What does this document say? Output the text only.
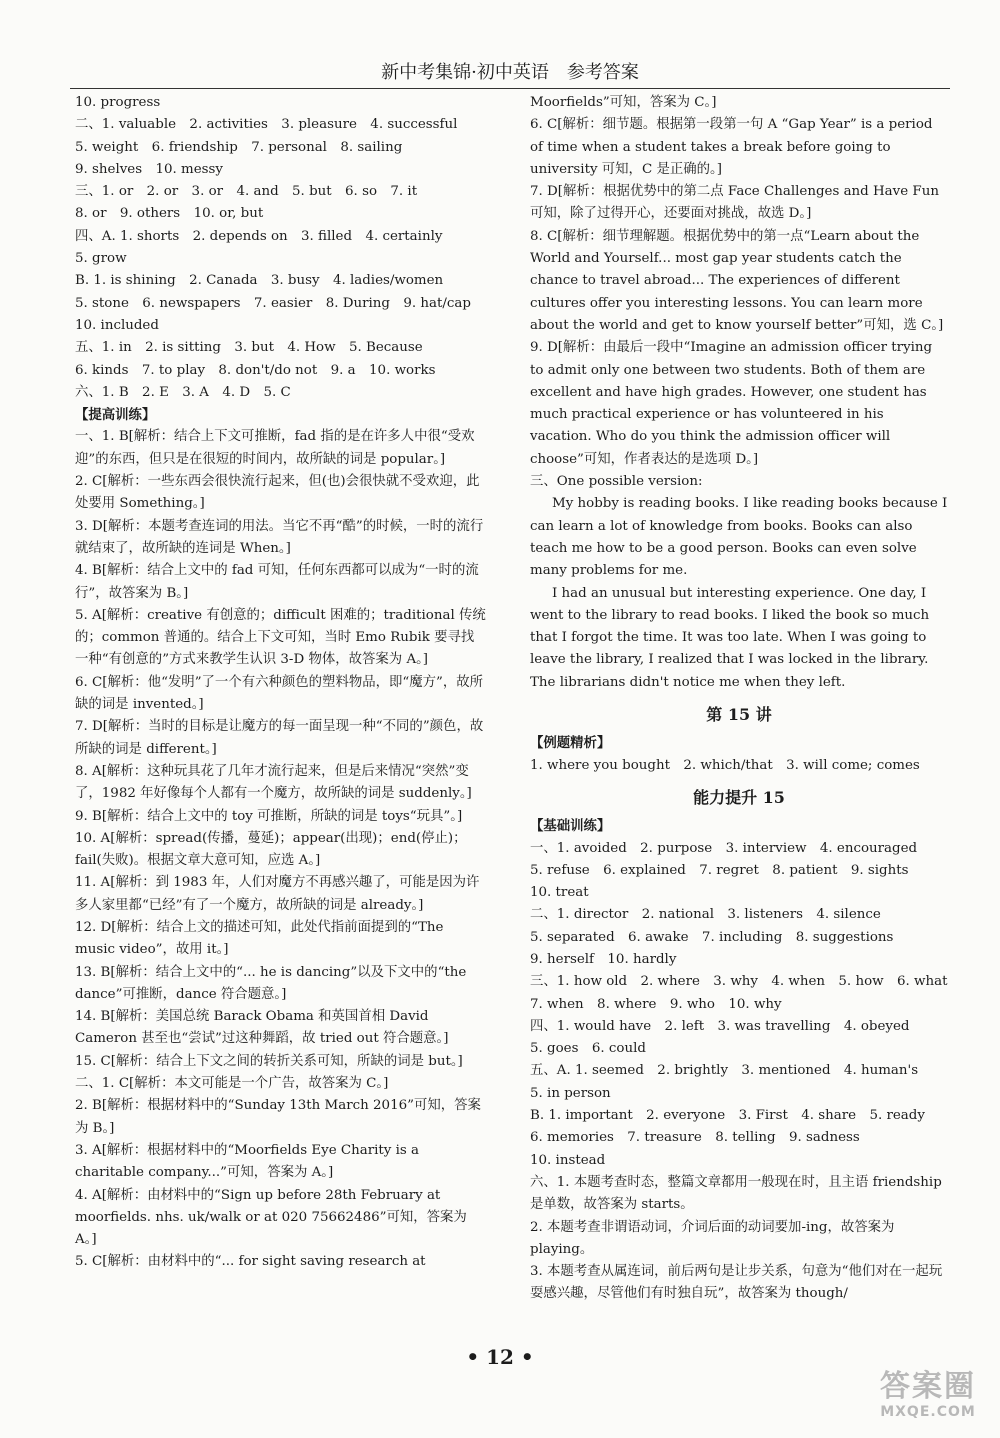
新中考集锦·初中英语　参考答案

10. progress

二、1. valuable　2. activities　3. pleasure　4. successful

5. weight　6. friendship　7. personal　8. sailing

9. shelves　10. messy

三、1. or　2. or　3. or　4. and　5. but　6. so　7. it

8. or　9. others　10. or, but

四、A. 1. shorts　2. depends on　3. filled　4. certainly

5. grow

B. 1. is shining　2. Canada　3. busy　4. ladies/women

5. stone　6. newspapers　7. easier　8. During　9. hat/cap　10. included

五、1. in　2. is sitting　3. but　4. How　5. Because

6. kinds　7. to play　8. don't/do not　9. a　10. works

六、1. B　2. E　3. A　4. D　5. C

【提高训练】

一、1. B[解析：结合上下文可推断，fad 指的是在许多人中很“受欢迎”的东西，但只是在很短的时间内，故所缺的词是 popular。]

2. C[解析：一些东西会很快流行起来，但(也)会很快就不受欢迎，此处要用 Something。]

3. D[解析：本题考查连词的用法。当它不再“酷”的时候，一时的流行就结束了，故所缺的连词是 When。]

4. B[解析：结合上文中的 fad 可知，任何东西都可以成为“一时的流行”，故答案为 B。]

5. A[解析：creative 有创意的；difficult 困难的；traditional 传统的；common 普通的。结合上下文可知，当时 Emo Rubik 要寻找一种“有创意的”方式来教学生认识 3-D 物体，故答案为 A。]

6. C[解析：他“发明”了一个有六种颜色的塑料物品，即“魔方”，故所缺的词是 invented。]

7. D[解析：当时的目标是让魔方的每一面呈现一种“不同的”颜色，故所缺的词是 different。]

8. A[解析：这种玩具花了几年才流行起来，但是后来情况“突然”变了，1982 年好像每个人都有一个魔方，故所缺的词是 suddenly。]

9. B[解析：结合上文中的 toy 可推断，所缺的词是 toys“玩具”。]

10. A[解析：spread(传播，蔓延)；appear(出现)；end(停止)；fail(失败)。根据文章大意可知，应选 A。]

11. A[解析：到 1983 年，人们对魔方不再感兴趣了，可能是因为许多人家里都“已经”有了一个魔方，故所缺的词是 already。]

12. D[解析：结合上文的描述可知，此处代指前面提到的“The music video”，故用 it。]

13. B[解析：结合上文中的“... he is dancing”以及下文中的“the dance”可推断，dance 符合题意。]

14. B[解析：美国总统 Barack Obama 和英国首相 David Cameron 甚至也“尝试”过这种舞蹈，故 tried out 符合题意。]

15. C[解析：结合上下文之间的转折关系可知，所缺的词是 but。]

二、1. C[解析：本文可能是一个广告，故答案为 C。]

2. B[解析：根据材料中的“Sunday 13th March 2016”可知，答案为 B。]

3. A[解析：根据材料中的“Moorfields Eye Charity is a charitable company...”可知，答案为 A。]

4. A[解析：由材料中的“Sign up before 28th February at moorfields. nhs. uk/walk or at 020 75662486”可知，答案为 A。]

5. C[解析：由材料中的“... for sight saving research at

Moorfields”可知，答案为 C。]

6. C[解析：细节题。根据第一段第一句 A “Gap Year” is a period of time when a student takes a break before going to university 可知，C 是正确的。]

7. D[解析：根据优势中的第二点 Face Challenges and Have Fun 可知，除了过得开心，还要面对挑战，故选 D。]

8. C[解析：细节理解题。根据优势中的第一点“Learn about the World and Yourself... most gap year students catch the chance to travel abroad... The experiences of different cultures offer you interesting lessons. You can learn more about the world and get to know yourself better”可知，选 C。]

9. D[解析：由最后一段中“Imagine an admission officer trying to admit only one between two students. Both of them are excellent and have high grades. However, one student has much practical experience or has volunteered in his vacation. Who do you think the admission officer will choose”可知，作者表达的是选项 D。]

三、One possible version:

My hobby is reading books. I like reading books because I can learn a lot of knowledge from books. Books can also teach me how to be a good person. Books can even solve many problems for me.

I had an unusual but interesting experience. One day, I went to the library to read books. I liked the book so much that I forgot the time. It was too late. When I was going to leave the library, I realized that I was locked in the library. The librarians didn't notice me when they left.

第 15 讲

【例题精析】

1. where you bought　2. which/that　3. will come; comes

能力提升 15

【基础训练】

一、1. avoided　2. purpose　3. interview　4. encouraged

5. refuse　6. explained　7. regret　8. patient　9. sights

10. treat

二、1. director　2. national　3. listeners　4. silence

5. separated　6. awake　7. including　8. suggestions

9. herself　10. hardly

三、1. how old　2. where　3. why　4. when　5. how　6. what

7. when　8. where　9. who　10. why

四、1. would have　2. left　3. was travelling　4. obeyed

5. goes　6. could

五、A. 1. seemed　2. brightly　3. mentioned　4. human's

5. in person

B. 1. important　2. everyone　3. First　4. share　5. ready

6. memories　7. treasure　8. telling　9. sadness

10. instead

六、1. 本题考查时态，整篇文章都用一般现在时，且主语 friendship 是单数，故答案为 starts。

2. 本题考查非谓语动词，介词后面的动词要加-ing，故答案为 playing。

3. 本题考查从属连词，前后两句是让步关系，句意为“他们对在一起玩耍感兴趣，尽管他们有时独自玩”，故答案为 though/

• 12 •
答案圈
MXQE.COM
